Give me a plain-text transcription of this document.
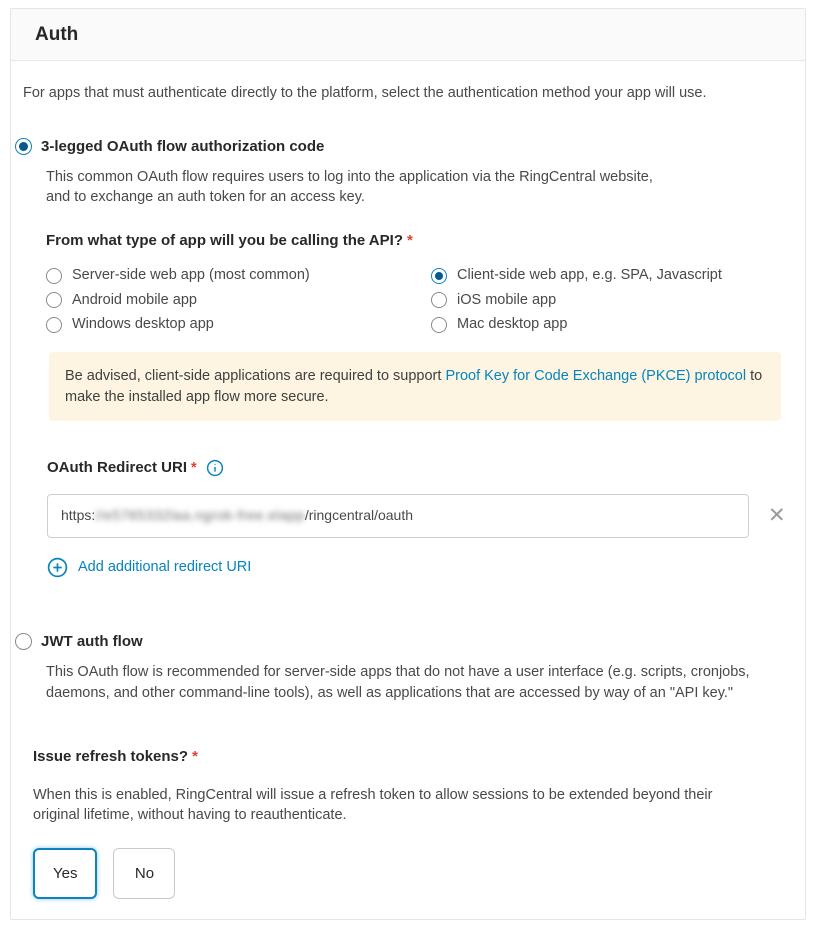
Auth
For apps that must authenticate directly to the platform, select the authentication method your app will use.
3-legged OAuth flow authorization code
This common OAuth flow requires users to log into the application via the RingCentral website,
and to exchange an auth token for an access key.
From what type of app will you be calling the API? *
Server-side web app (most common)
Android mobile app
Windows desktop app
Client-side web app, e.g. SPA, Javascript
iOS mobile app
Mac desktop app
Be advised, client-side applications are required to support Proof Key for Code Exchange (PKCE) protocol to make the installed app flow more secure.
OAuth Redirect URI *
https: //e5765332laa.ngrok-free.elapp /ringcentral/oauth	✕
Add additional redirect URI
JWT auth flow
This OAuth flow is recommended for server-side apps that do not have a user interface (e.g. scripts, cronjobs,
daemons, and other command-line tools), as well as applications that are accessed by way of an "API key."
Issue refresh tokens? *
When this is enabled, RingCentral will issue a refresh token to allow sessions to be extended beyond their
original lifetime, without having to reauthenticate.
Yes	No
